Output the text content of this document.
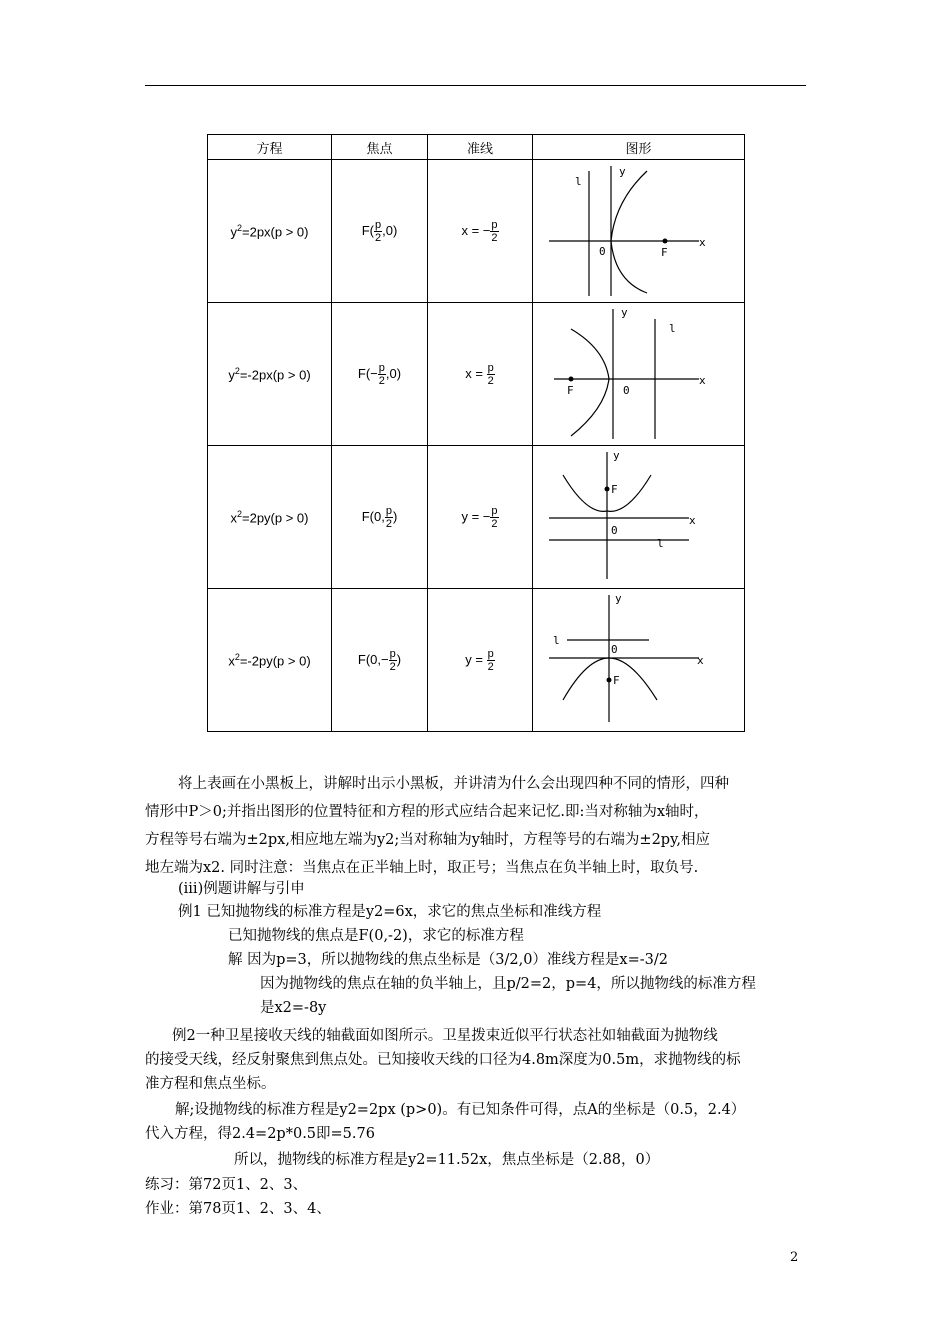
方程	焦点	准线	图形
$y^2=2px(p > 0)$	$F( \frac{p}{2} ,0)$	x = − $\frac{p}{2}$	l
y
0 F
x

$y^2=-2px(p > 0)$	$F(- \frac{p}{2} ,0)$	$x = \frac{p}{2}$	l
y
0
F
x

$x^2=2py(p > 0)$	F(0, $\frac{p}{2}$ )	y = − $\frac{p}{2}$	y
F
0
l
x

$x^2=-2py(p > 0)$	$F(0,- \frac{p}{2}$ )	$y = \frac{p}{2}$	y
l
0
F
x
将上表画在小黑板上，讲解时出示小黑板，并讲清为什么会出现四种不同的情形，四种
情形中P＞0;并指出图形的位置特征和方程的形式应结合起来记忆.即:当对称轴为x轴时，
方程等号右端为±2px,相应地左端为y2;当对称轴为y轴时，方程等号的右端为±2py,相应
地左端为x2. 同时注意：当焦点在正半轴上时，取正号；当焦点在负半轴上时，取负号.
(iii)例题讲解与引申
例1 已知抛物线的标准方程是y2=6x，求它的焦点坐标和准线方程
已知抛物线的焦点是F(0,-2)，求它的标准方程
解 因为p=3，所以抛物线的焦点坐标是（3/2,0）准线方程是x=-3/2
因为抛物线的焦点在轴的负半轴上，且p/2=2，p=4，所以抛物线的标准方程
是x2=-8y
例2一种卫星接收天线的轴截面如图所示。卫星拨束近似平行状态社如轴截面为抛物线
的接受天线，经反射聚焦到焦点处。已知接收天线的口径为4.8m深度为0.5m，求抛物线的标
准方程和焦点坐标。
解;设抛物线的标准方程是y2=2px (p>0)。有已知条件可得，点A的坐标是（0.5，2.4）
代入方程，得2.4=2p*0.5即=5.76
所以，抛物线的标准方程是y2=11.52x，焦点坐标是（2.88，0）
练习：第72页1、2、3、
作业：第78页1、2、3、4、
2
